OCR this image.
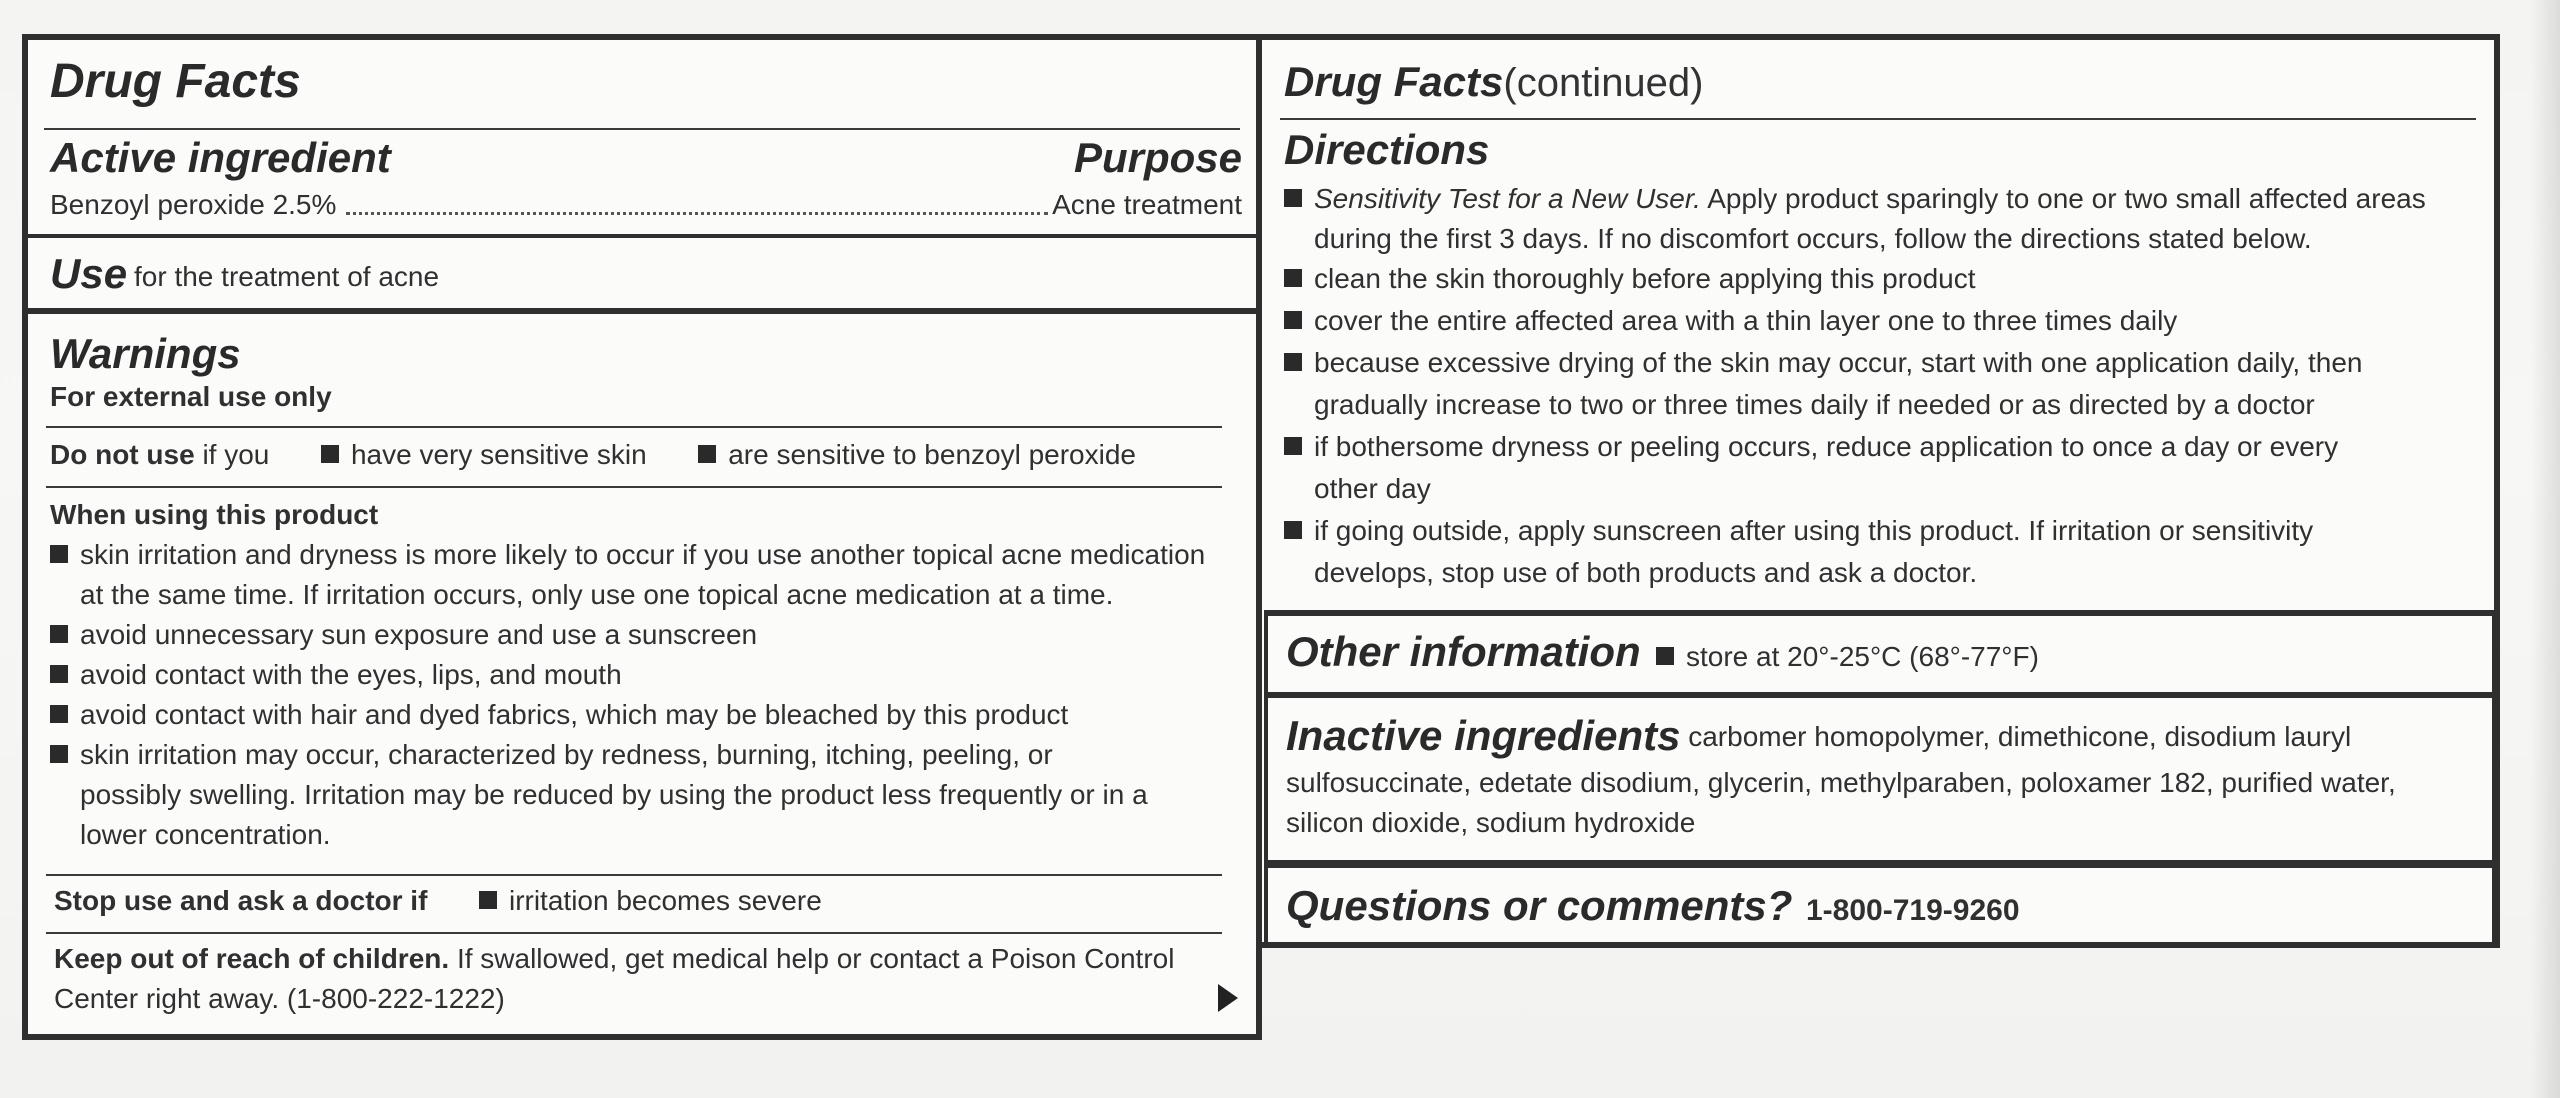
Drug Facts
Active ingredient	Purpose
Benzoyl peroxide 2.5%	Acne treatment
Use for the treatment of acne
Warnings
For external use only
Do not use if you	have very sensitive skin	are sensitive to benzoyl peroxide
When using this product
skin irritation and dryness is more likely to occur if you use another topical acne medication
at the same time. If irritation occurs, only use one topical acne medication at a time.
avoid unnecessary sun exposure and use a sunscreen
avoid contact with the eyes, lips, and mouth
avoid contact with hair and dyed fabrics, which may be bleached by this product
skin irritation may occur, characterized by redness, burning, itching, peeling, or
possibly swelling. Irritation may be reduced by using the product less frequently or in a
lower concentration.
Stop use and ask a doctor if	irritation becomes severe
Keep out of reach of children. If swallowed, get medical help or contact a Poison Control
Center right away. (1-800-222-1222)
Drug Facts(continued)
Directions
Sensitivity Test for a New User. Apply product sparingly to one or two small affected areas
during the first 3 days. If no discomfort occurs, follow the directions stated below.
clean the skin thoroughly before applying this product
cover the entire affected area with a thin layer one to three times daily
because excessive drying of the skin may occur, start with one application daily, then
gradually increase to two or three times daily if needed or as directed by a doctor
if bothersome dryness or peeling occurs, reduce application to once a day or every
other day
if going outside, apply sunscreen after using this product. If irritation or sensitivity
develops, stop use of both products and ask a doctor.
Other information	store at 20°-25°C (68°-77°F)
Inactive ingredients carbomer homopolymer, dimethicone, disodium lauryl
sulfosuccinate, edetate disodium, glycerin, methylparaben, poloxamer 182, purified water,
silicon dioxide, sodium hydroxide
Questions or comments? 1-800-719-9260
